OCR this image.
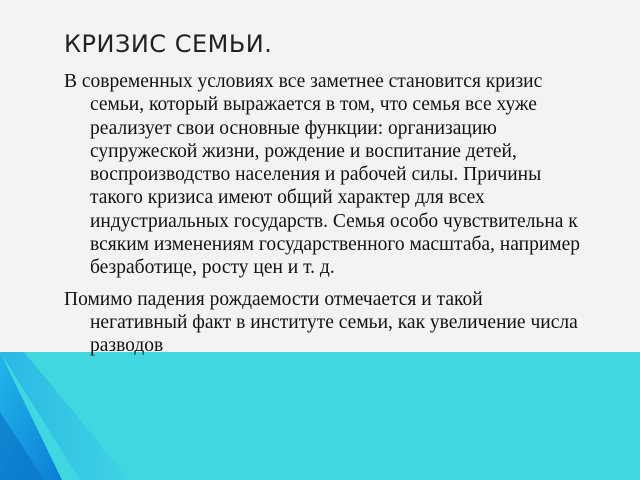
КРИЗИС СЕМЬИ.

В современных условиях все заметнее становится кризис семьи, который выражается в том, что семья все хуже реализует свои основные функции: организацию супружеской жизни, рождение и воспитание детей, воспроизводство населения и рабочей силы. Причины такого кризиса имеют общий характер для всех индустриальных государств. Семья особо чувствительна к всяким изменениям государственного масштаба, например безработице, росту цен и т. д.

Помимо падения рождаемости отмечается и такой негативный факт в институте семьи, как увеличение числа разводов
